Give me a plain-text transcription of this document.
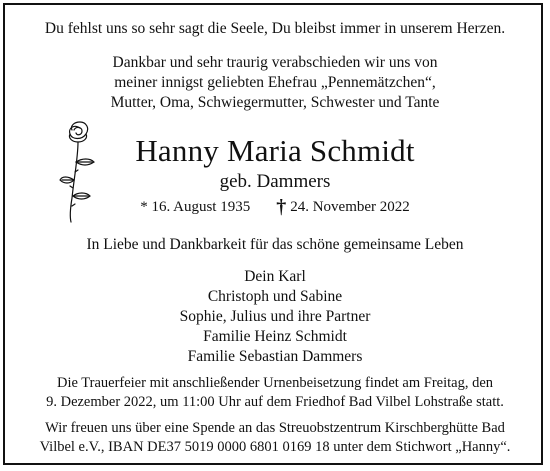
Du fehlst uns so sehr sagt die Seele, Du bleibst immer in unserem Herzen.
Dankbar und sehr traurig verabschieden wir uns von
meiner innigst geliebten Ehefrau „Pennemätzchen“,
Mutter, Oma, Schwiegermutter, Schwester und Tante
Hanny Maria Schmidt
geb. Dammers
* 16. August 1935 † 24. November 2022
In Liebe und Dankbarkeit für das schöne gemeinsame Leben
Dein Karl
Christoph und Sabine
Sophie, Julius und ihre Partner
Familie Heinz Schmidt
Familie Sebastian Dammers
Die Trauerfeier mit anschließender Urnenbeisetzung findet am Freitag, den
9. Dezember 2022, um 11:00 Uhr auf dem Friedhof Bad Vilbel Lohstraße statt.
Wir freuen uns über eine Spende an das Streuobstzentrum Kirschberghütte Bad
Vilbel e.V., IBAN DE37 5019 0000 6801 0169 18 unter dem Stichwort „Hanny“.
